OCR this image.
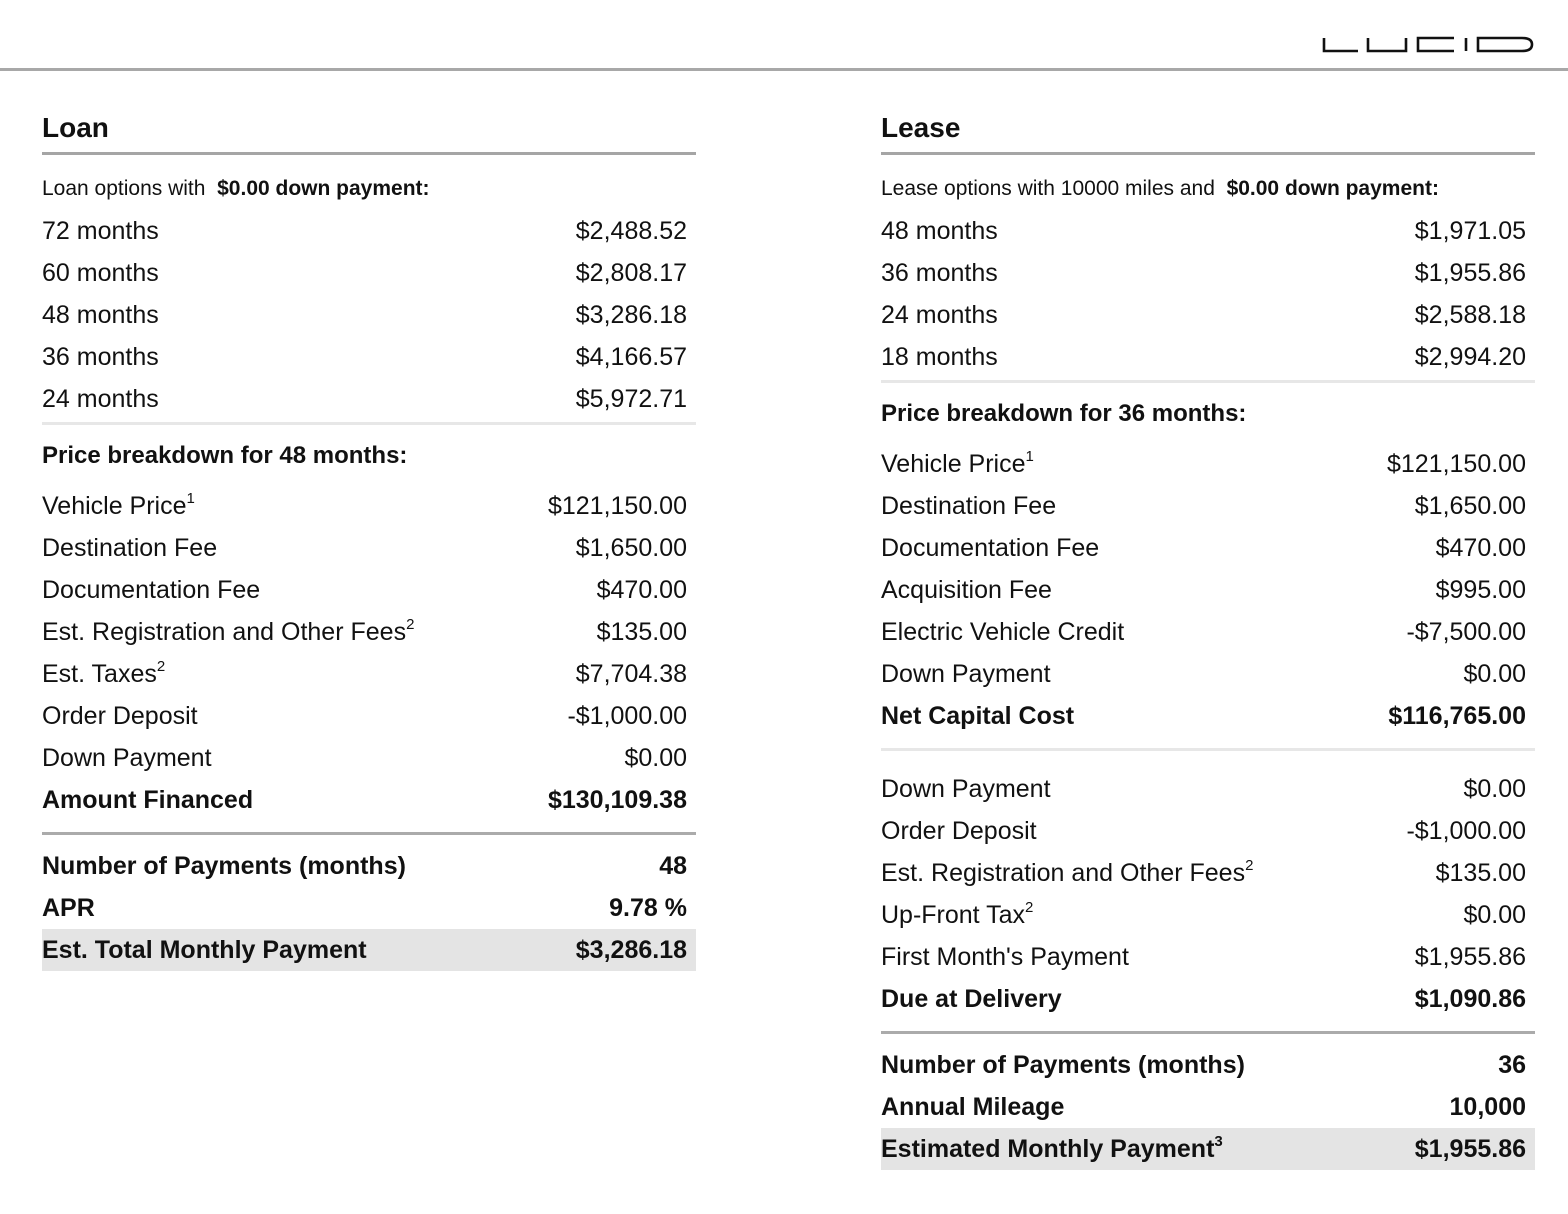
Loan
Loan options with $0.00 down payment:
72 months	$2,488.52
60 months	$2,808.17
48 months	$3,286.18
36 months	$4,166.57
24 months	$5,972.71
Price breakdown for 48 months:
Vehicle Price$^1$	$121,150.00
Destination Fee	$1,650.00
Documentation Fee	$470.00
Est. Registration and Other Fees$^2$	$135.00
Est. Taxes$^2$	$7,704.38
Order Deposit	-$1,000.00
Down Payment	$0.00
Amount Financed	$130,109.38
Number of Payments (months)	48
APR	9.78 %
Est. Total Monthly Payment	$3,286.18
Lease
Lease options with 10000 miles and $0.00 down payment:
48 months	$1,971.05
36 months	$1,955.86
24 months	$2,588.18
18 months	$2,994.20
Price breakdown for 36 months:
Vehicle Price$^1$	$121,150.00
Destination Fee	$1,650.00
Documentation Fee	$470.00
Acquisition Fee	$995.00
Electric Vehicle Credit	-$7,500.00
Down Payment	$0.00
Net Capital Cost	$116,765.00
Down Payment	$0.00
Order Deposit	-$1,000.00
Est. Registration and Other Fees$^2$	$135.00
Up-Front Tax$^2$	$0.00
First Month's Payment	$1,955.86
Due at Delivery	$1,090.86
Number of Payments (months)	36
Annual Mileage	10,000
Estimated Monthly Payment$^3$	$1,955.86
